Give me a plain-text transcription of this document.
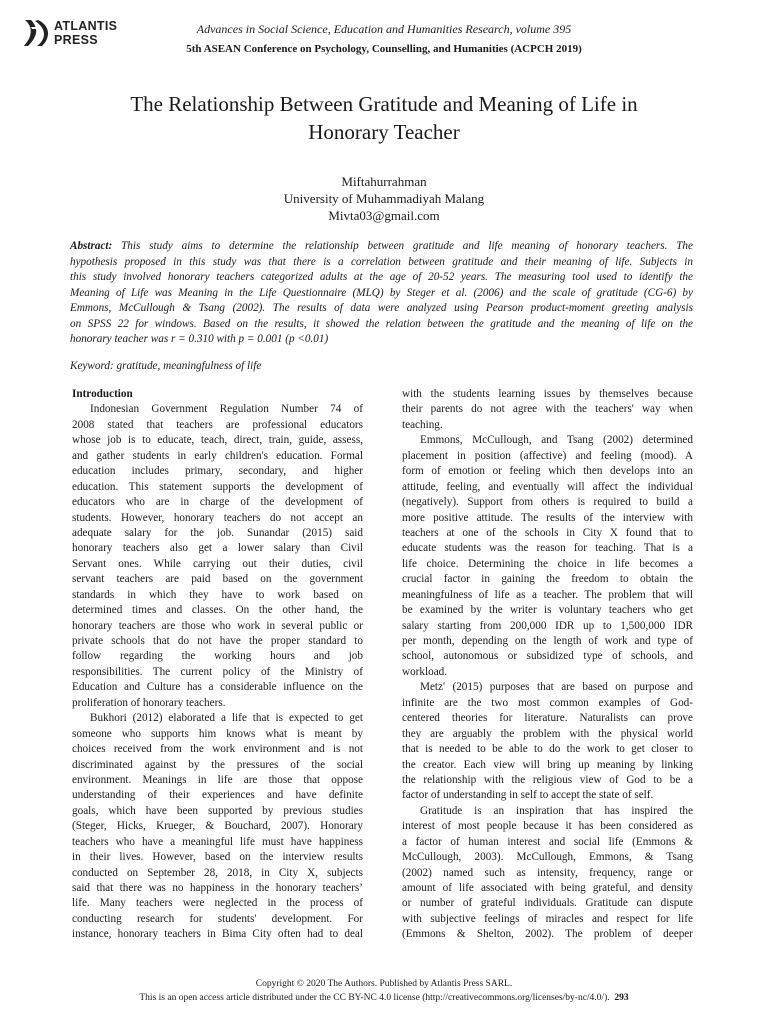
ATLANTIS
PRESS
Advances in Social Science, Education and Humanities Research, volume 395
5th ASEAN Conference on Psychology, Counselling, and Humanities (ACPCH 2019)
The Relationship Between Gratitude and Meaning of Life in
Honorary Teacher
Miftahurrahman
University of Muhammadiyah Malang
Mivta03@gmail.com
Abstract: This study aims to determine the relationship between gratitude and life meaning of honorary teachers. The
hypothesis proposed in this study was that there is a correlation between gratitude and their meaning of life. Subjects in
this study involved honorary teachers categorized adults at the age of 20-52 years. The measuring tool used to identify the
Meaning of Life was Meaning in the Life Questionnaire (MLQ) by Steger et al. (2006) and the scale of gratitude (CG-6) by
Emmons, McCullough & Tsang (2002). The results of data were analyzed using Pearson product-moment greeting analysis
on SPSS 22 for windows. Based on the results, it showed the relation between the gratitude and the meaning of life on the
honorary teacher was r = 0.310 with p = 0.001 (p <0.01)
Keyword: gratitude, meaningfulness of life
Introduction
Indonesian Government Regulation Number 74 of
2008 stated that teachers are professional educators
whose job is to educate, teach, direct, train, guide, assess,
and gather students in early children's education. Formal
education includes primary, secondary, and higher
education. This statement supports the development of
educators who are in charge of the development of
students. However, honorary teachers do not accept an
adequate salary for the job. Sunandar (2015) said
honorary teachers also get a lower salary than Civil
Servant ones. While carrying out their duties, civil
servant teachers are paid based on the government
standards in which they have to work based on
determined times and classes. On the other hand, the
honorary teachers are those who work in several public or
private schools that do not have the proper standard to
follow regarding the working hours and job
responsibilities. The current policy of the Ministry of
Education and Culture has a considerable influence on the
proliferation of honorary teachers.
Bukhori (2012) elaborated a life that is expected to get
someone who supports him knows what is meant by
choices received from the work environment and is not
discriminated against by the pressures of the social
environment. Meanings in life are those that oppose
understanding of their experiences and have definite
goals, which have been supported by previous studies
(Steger, Hicks, Krueger, & Bouchard, 2007). Honorary
teachers who have a meaningful life must have happiness
in their lives. However, based on the interview results
conducted on September 28, 2018, in City X, subjects
said that there was no happiness in the honorary teachers’
life. Many teachers were neglected in the process of
conducting research for students' development. For
instance, honorary teachers in Bima City often had to deal
with the students learning issues by themselves because
their parents do not agree with the teachers' way when
teaching.
Emmons, McCullough, and Tsang (2002) determined
placement in position (affective) and feeling (mood). A
form of emotion or feeling which then develops into an
attitude, feeling, and eventually will affect the individual
(negatively). Support from others is required to build a
more positive attitude. The results of the interview with
teachers at one of the schools in City X found that to
educate students was the reason for teaching. That is a
life choice. Determining the choice in life becomes a
crucial factor in gaining the freedom to obtain the
meaningfulness of life as a teacher. The problem that will
be examined by the writer is voluntary teachers who get
salary starting from 200,000 IDR up to 1,500,000 IDR
per month, depending on the length of work and type of
school, autonomous or subsidized type of schools, and
workload.
Metz' (2015) purposes that are based on purpose and
infinite are the two most common examples of God-
centered theories for literature. Naturalists can prove
they are arguably the problem with the physical world
that is needed to be able to do the work to get closer to
the creator. Each view will bring up meaning by linking
the relationship with the religious view of God to be a
factor of understanding in self to accept the state of self.
Gratitude is an inspiration that has inspired the
interest of most people because it has been considered as
a factor of human interest and social life (Emmons &
McCullough, 2003). McCullough, Emmons, & Tsang
(2002) named such as intensity, frequency, range or
amount of life associated with being grateful, and density
or number of grateful individuals. Gratitude can dispute
with subjective feelings of miracles and respect for life
(Emmons & Shelton, 2002). The problem of deeper
Copyright © 2020 The Authors. Published by Atlantis Press SARL.
This is an open access article distributed under the CC BY-NC 4.0 license (http://creativecommons.org/licenses/by-nc/4.0/). 293
